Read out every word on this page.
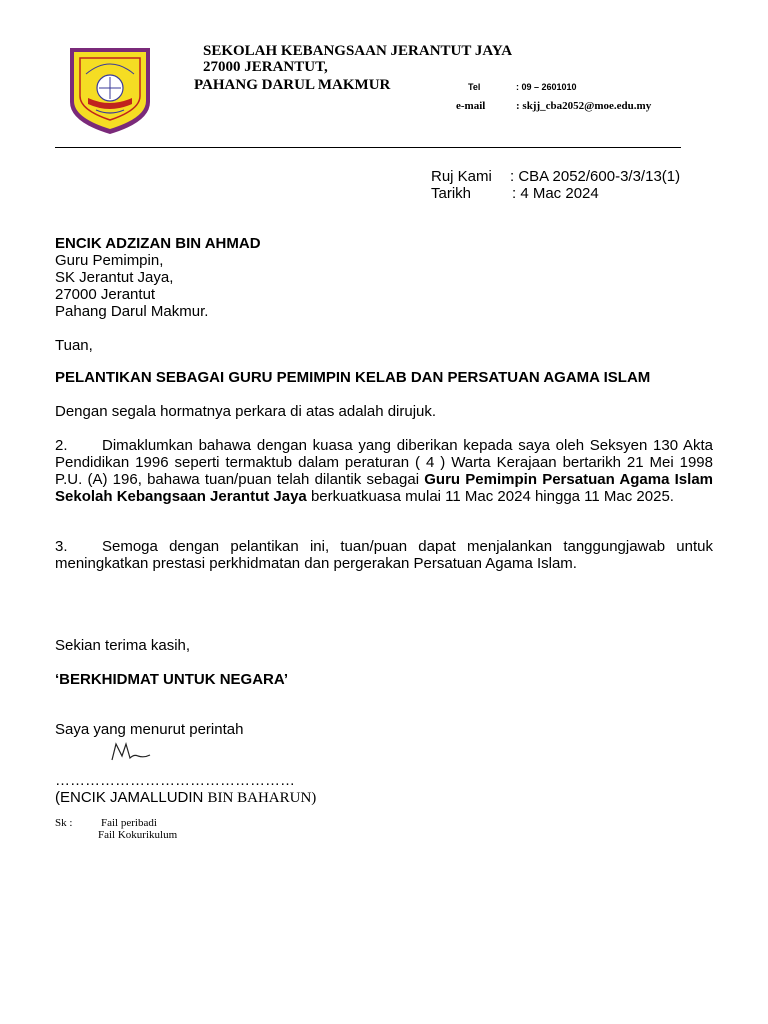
SEKOLAH KEBANGSAAN JERANTUT JAYA
27000 JERANTUT,
PAHANG DARUL MAKMUR	Tel	: 09 – 2601010
e-mail	: skjj_cba2052@moe.edu.my
Ruj Kami : CBA 2052/600-3/3/13(1)
Tarikh	: 4 Mac 2024
ENCIK ADZIZAN BIN AHMAD
Guru Pemimpin,
SK Jerantut Jaya,
27000 Jerantut
Pahang Darul Makmur.
Tuan,
PELANTIKAN SEBAGAI GURU PEMIMPIN KELAB DAN PERSATUAN AGAMA ISLAM
Dengan segala hormatnya perkara di atas adalah dirujuk.
2. Dimaklumkan bahawa dengan kuasa yang diberikan kepada saya oleh Seksyen 130 Akta Pendidikan 1996 seperti termaktub dalam peraturan ( 4 ) Warta Kerajaan bertarikh 21 Mei 1998 P.U. (A) 196, bahawa tuan/puan telah dilantik sebagai Guru Pemimpin Persatuan Agama Islam Sekolah Kebangsaan Jerantut Jaya berkuatkuasa mulai 11 Mac 2024 hingga 11 Mac 2025.
3. Semoga dengan pelantikan ini, tuan/puan dapat menjalankan tanggungjawab untuk meningkatkan prestasi perkhidmatan dan pergerakan Persatuan Agama Islam.
Sekian terima kasih,
‘BERKHIDMAT UNTUK NEGARA’
Saya yang menurut perintah
…………………………………………
(ENCIK JAMALLUDIN BIN BAHARUN)
Sk :	Fail peribadi
Fail Kokurikulum
